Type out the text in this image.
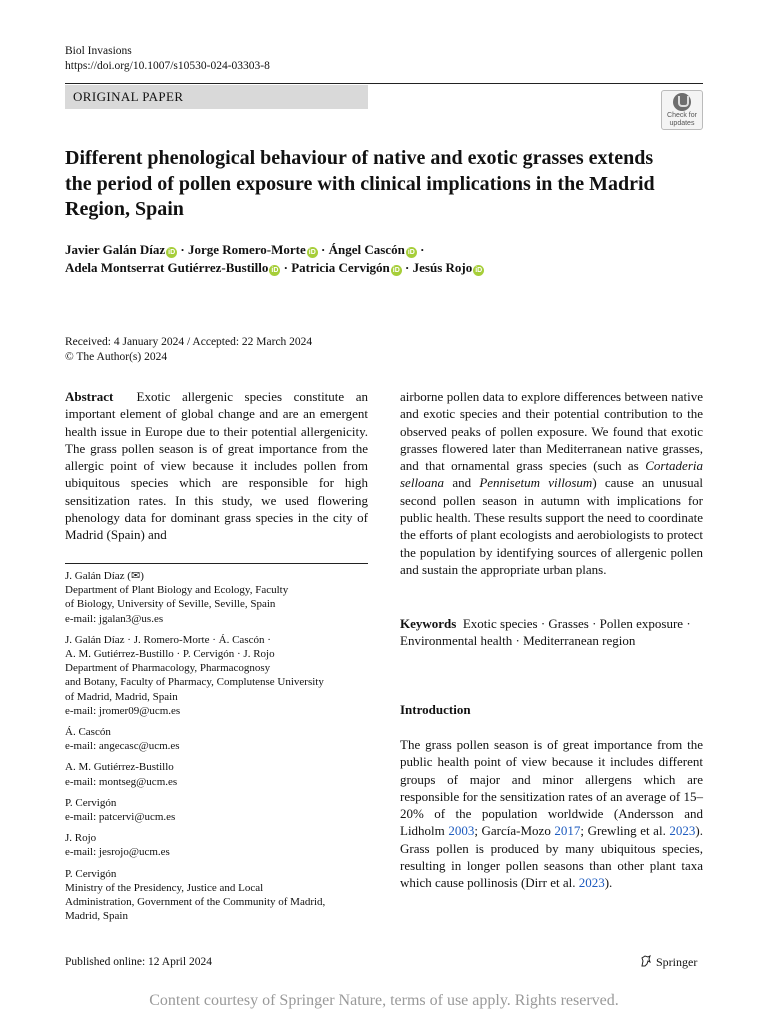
Biol Invasions
https://doi.org/10.1007/s10530-024-03303-8
ORIGINAL PAPER
Check for
updates
Different phenological behaviour of native and exotic grasses extends the period of pollen exposure with clinical implications in the Madrid Region, Spain
Javier Galán Díaz iD · Jorge Romero-Morte iD · Ángel Cascón iD ·
Adela Montserrat Gutiérrez-Bustillo iD · Patricia Cervigón iD · Jesús Rojo iD
Received: 4 January 2024 / Accepted: 22 March 2024
© The Author(s) 2024
Abstract Exotic allergenic species constitute an important element of global change and are an emergent health issue in Europe due to their potential allergenicity. The grass pollen season is of great importance from the allergic point of view because it includes pollen from ubiquitous species which are responsible for high sensitization rates. In this study, we used flowering phenology data for dominant grass species in the city of Madrid (Spain) and
airborne pollen data to explore differences between native and exotic species and their potential contribution to the observed peaks of pollen exposure. We found that exotic grasses flowered later than Mediterranean native grasses, and that ornamental grass species (such as Cortaderia selloana and Pennisetum villosum) cause an unusual second pollen season in autumn with implications for public health. These results support the need to coordinate the efforts of plant ecologists and aerobiologists to protect the population by identifying sources of allergenic pollen and sustain the appropriate urban plans.
J. Galán Díaz (✉)
Department of Plant Biology and Ecology, Faculty
of Biology, University of Seville, Seville, Spain
e-mail: jgalan3@us.es
J. Galán Díaz · J. Romero-Morte · Á. Cascón ·
A. M. Gutiérrez-Bustillo · P. Cervigón · J. Rojo
Department of Pharmacology, Pharmacognosy
and Botany, Faculty of Pharmacy, Complutense University
of Madrid, Madrid, Spain
e-mail: jromer09@ucm.es
Á. Cascón
e-mail: angecasc@ucm.es
A. M. Gutiérrez-Bustillo
e-mail: montseg@ucm.es
P. Cervigón
e-mail: patcervi@ucm.es
J. Rojo
e-mail: jesrojo@ucm.es
P. Cervigón
Ministry of the Presidency, Justice and Local
Administration, Government of the Community of Madrid,
Madrid, Spain
Keywords Exotic species · Grasses · Pollen exposure · Environmental health · Mediterranean region
Introduction
The grass pollen season is of great importance from the public health point of view because it includes different groups of major and minor allergens which are responsible for the sensitization rates of an average of 15–20% of the population worldwide (Andersson and Lidholm 2003; García-Mozo 2017; Grewling et al. 2023). Grass pollen is produced by many ubiquitous species, resulting in longer pollen seasons than other plant taxa which cause pollinosis (Dirr et al. 2023).
Published online: 12 April 2024	Springer
Content courtesy of Springer Nature, terms of use apply. Rights reserved.
